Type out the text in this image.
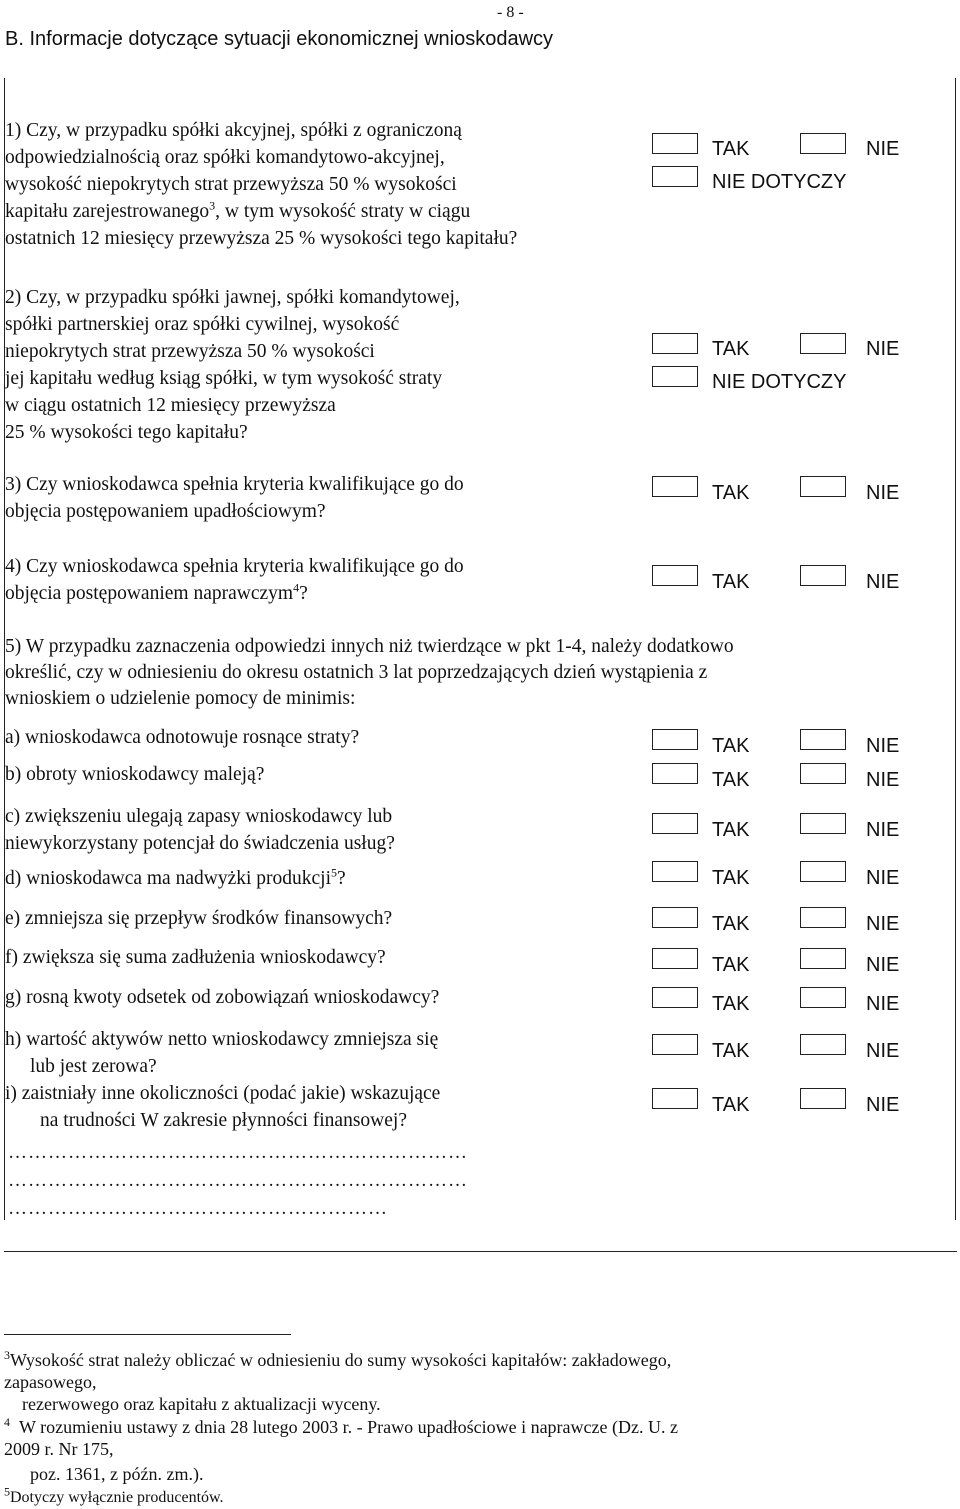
- 8 -
B. Informacje dotyczące sytuacji ekonomicznej wnioskodawcy
1) Czy, w przypadku spółki akcyjnej, spółki z ograniczoną
odpowiedzialnością oraz spółki komandytowo-akcyjnej,
wysokość niepokrytych strat przewyższa 50 % wysokości
kapitału zarejestrowanego$^3$, w tym wysokość straty w ciągu
ostatnich 12 miesięcy przewyższa 25 % wysokości tego kapitału?
TAK	NIE
NIE DOTYCZY
2) Czy, w przypadku spółki jawnej, spółki komandytowej,
spółki partnerskiej oraz spółki cywilnej, wysokość
niepokrytych strat przewyższa 50 % wysokości
jej kapitału według ksiąg spółki, w tym wysokość straty
w ciągu ostatnich 12 miesięcy przewyższa
25 % wysokości tego kapitału?
TAK	NIE
NIE DOTYCZY
3) Czy wnioskodawca spełnia kryteria kwalifikujące go do
objęcia postępowaniem upadłościowym?
TAK	NIE
4) Czy wnioskodawca spełnia kryteria kwalifikujące go do
objęcia postępowaniem naprawczym$^4$?
TAK	NIE
5) W przypadku zaznaczenia odpowiedzi innych niż twierdzące w pkt 1-4, należy dodatkowo
określić, czy w odniesieniu do okresu ostatnich 3 lat poprzedzających dzień wystąpienia z
wnioskiem o udzielenie pomocy de minimis:
a) wnioskodawca odnotowuje rosnące straty?	TAK	NIE
b) obroty wnioskodawcy maleją?	TAK	NIE
c) zwiększeniu ulegają zapasy wnioskodawcy lub
niewykorzystany potencjał do świadczenia usług?
TAK	NIE
d) wnioskodawca ma nadwyżki produkcji$^5$?	TAK	NIE
e) zmniejsza się przepływ środków finansowych?	TAK	NIE
f) zwiększa się suma zadłużenia wnioskodawcy?	TAK	NIE
g) rosną kwoty odsetek od zobowiązań wnioskodawcy?	TAK	NIE
h) wartość aktywów netto wnioskodawcy zmniejsza się
lub jest zerowa?
TAK	NIE
i) zaistniały inne okoliczności (podać jakie) wskazujące
na trudności W zakresie płynności finansowej?
TAK	NIE
……………………………………………………………
……………………………………………………………
…………………………………………………
$^3$Wysokość strat należy obliczać w odniesieniu do sumy wysokości kapitałów: zakładowego,
zapasowego,
rezerwowego oraz kapitału z aktualizacji wyceny.
$^4$ W rozumieniu ustawy z dnia 28 lutego 2003 r. - Prawo upadłościowe i naprawcze (Dz. U. z
2009 r. Nr 175,
poz. 1361, z późn. zm.).
$^5$Dotyczy wyłącznie producentów.
